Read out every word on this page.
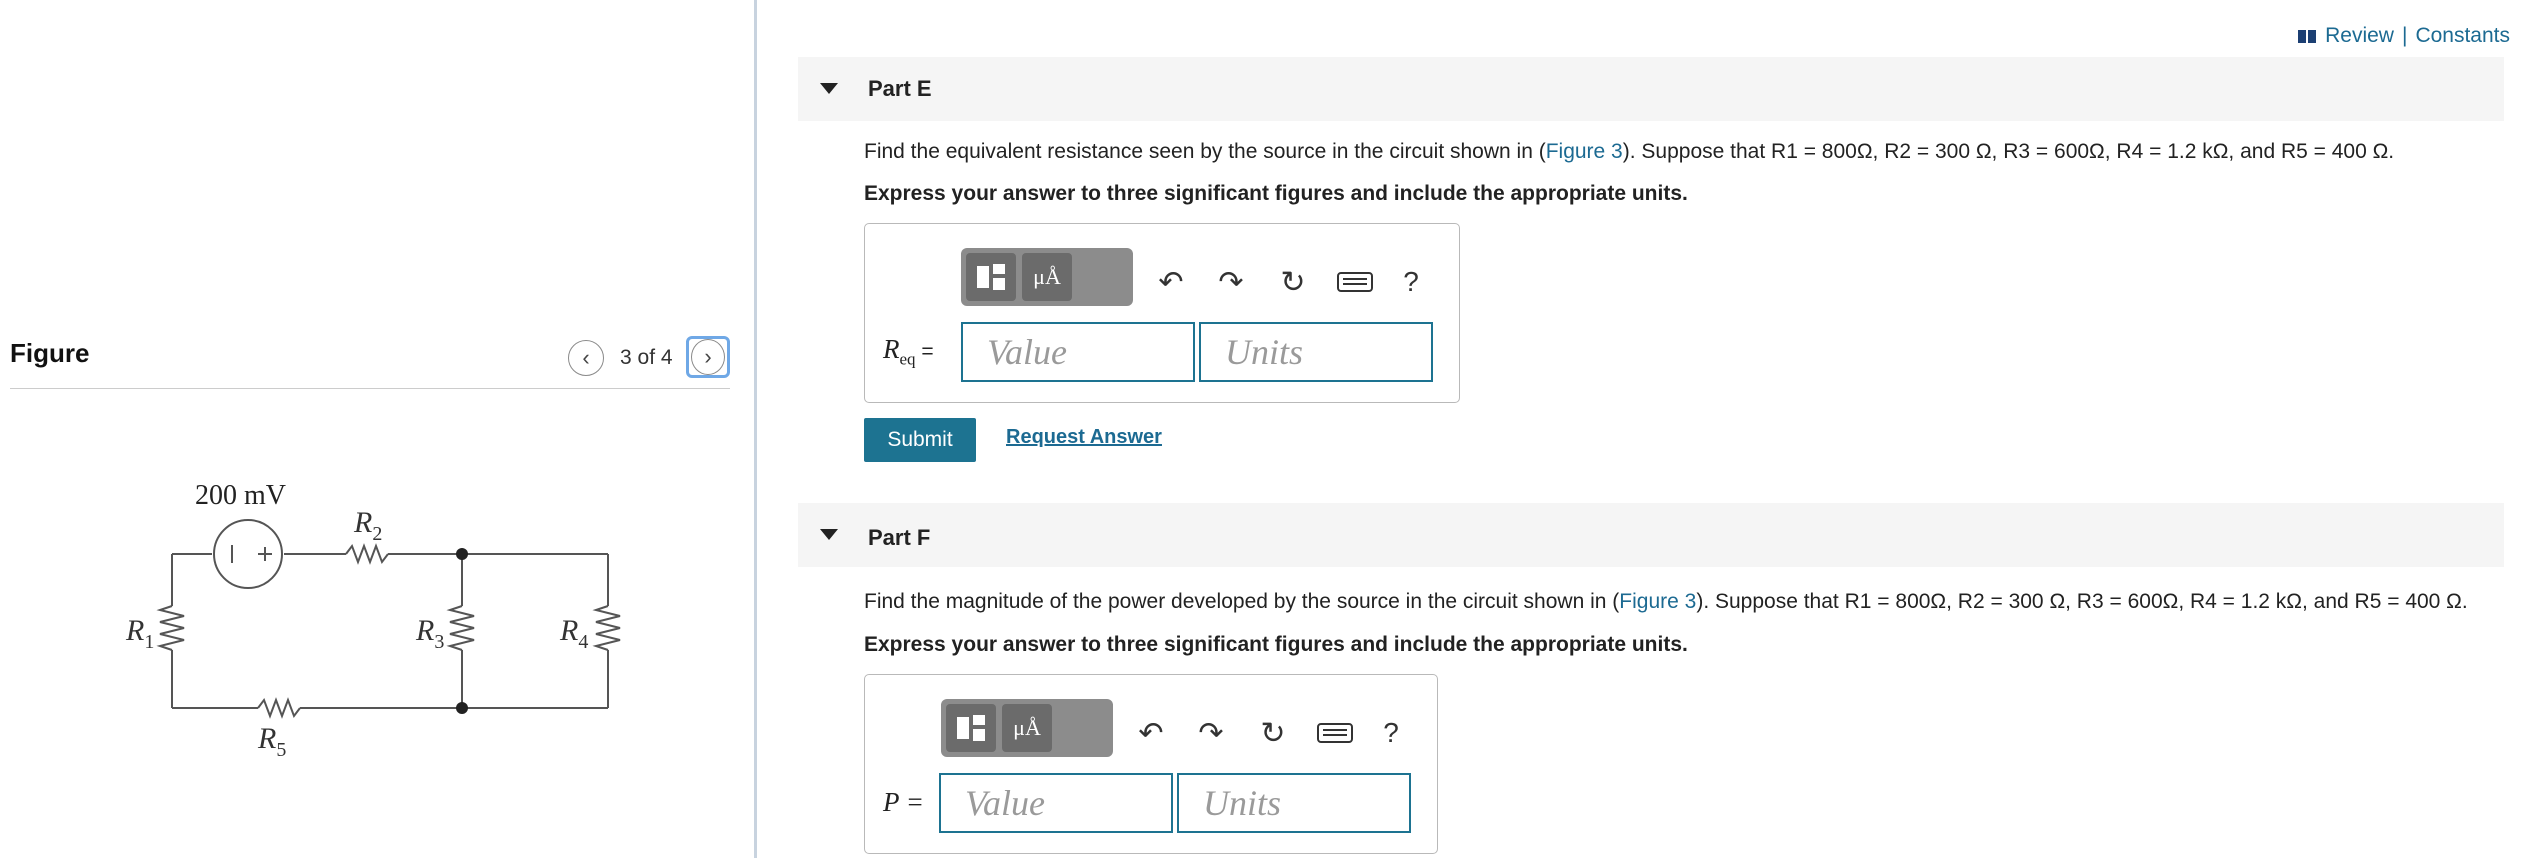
Figure	‹ 3 of 4	›
200 mV
$R_2$
$R_1$	$R_3$	$R_4$
$R_5$
Review | Constants
Part E
Find the equivalent resistance seen by the source in the circuit shown in (Figure 3). Suppose that R1 = 800Ω, R2 = 300 Ω, R3 = 600Ω, R4 = 1.2 kΩ, and R5 = 400 Ω.
Express your answer to three significant figures and include the appropriate units.
μÅ	↶ ↷ ↻	?
$R_{eq}$ =	Value	Units
Submit	Request Answer
Part F
Find the magnitude of the power developed by the source in the circuit shown in (Figure 3). Suppose that R1 = 800Ω, R2 = 300 Ω, R3 = 600Ω, R4 = 1.2 kΩ, and R5 = 400 Ω.
Express your answer to three significant figures and include the appropriate units.
μÅ	↶ ↷ ↻	?
P =	Value	Units
